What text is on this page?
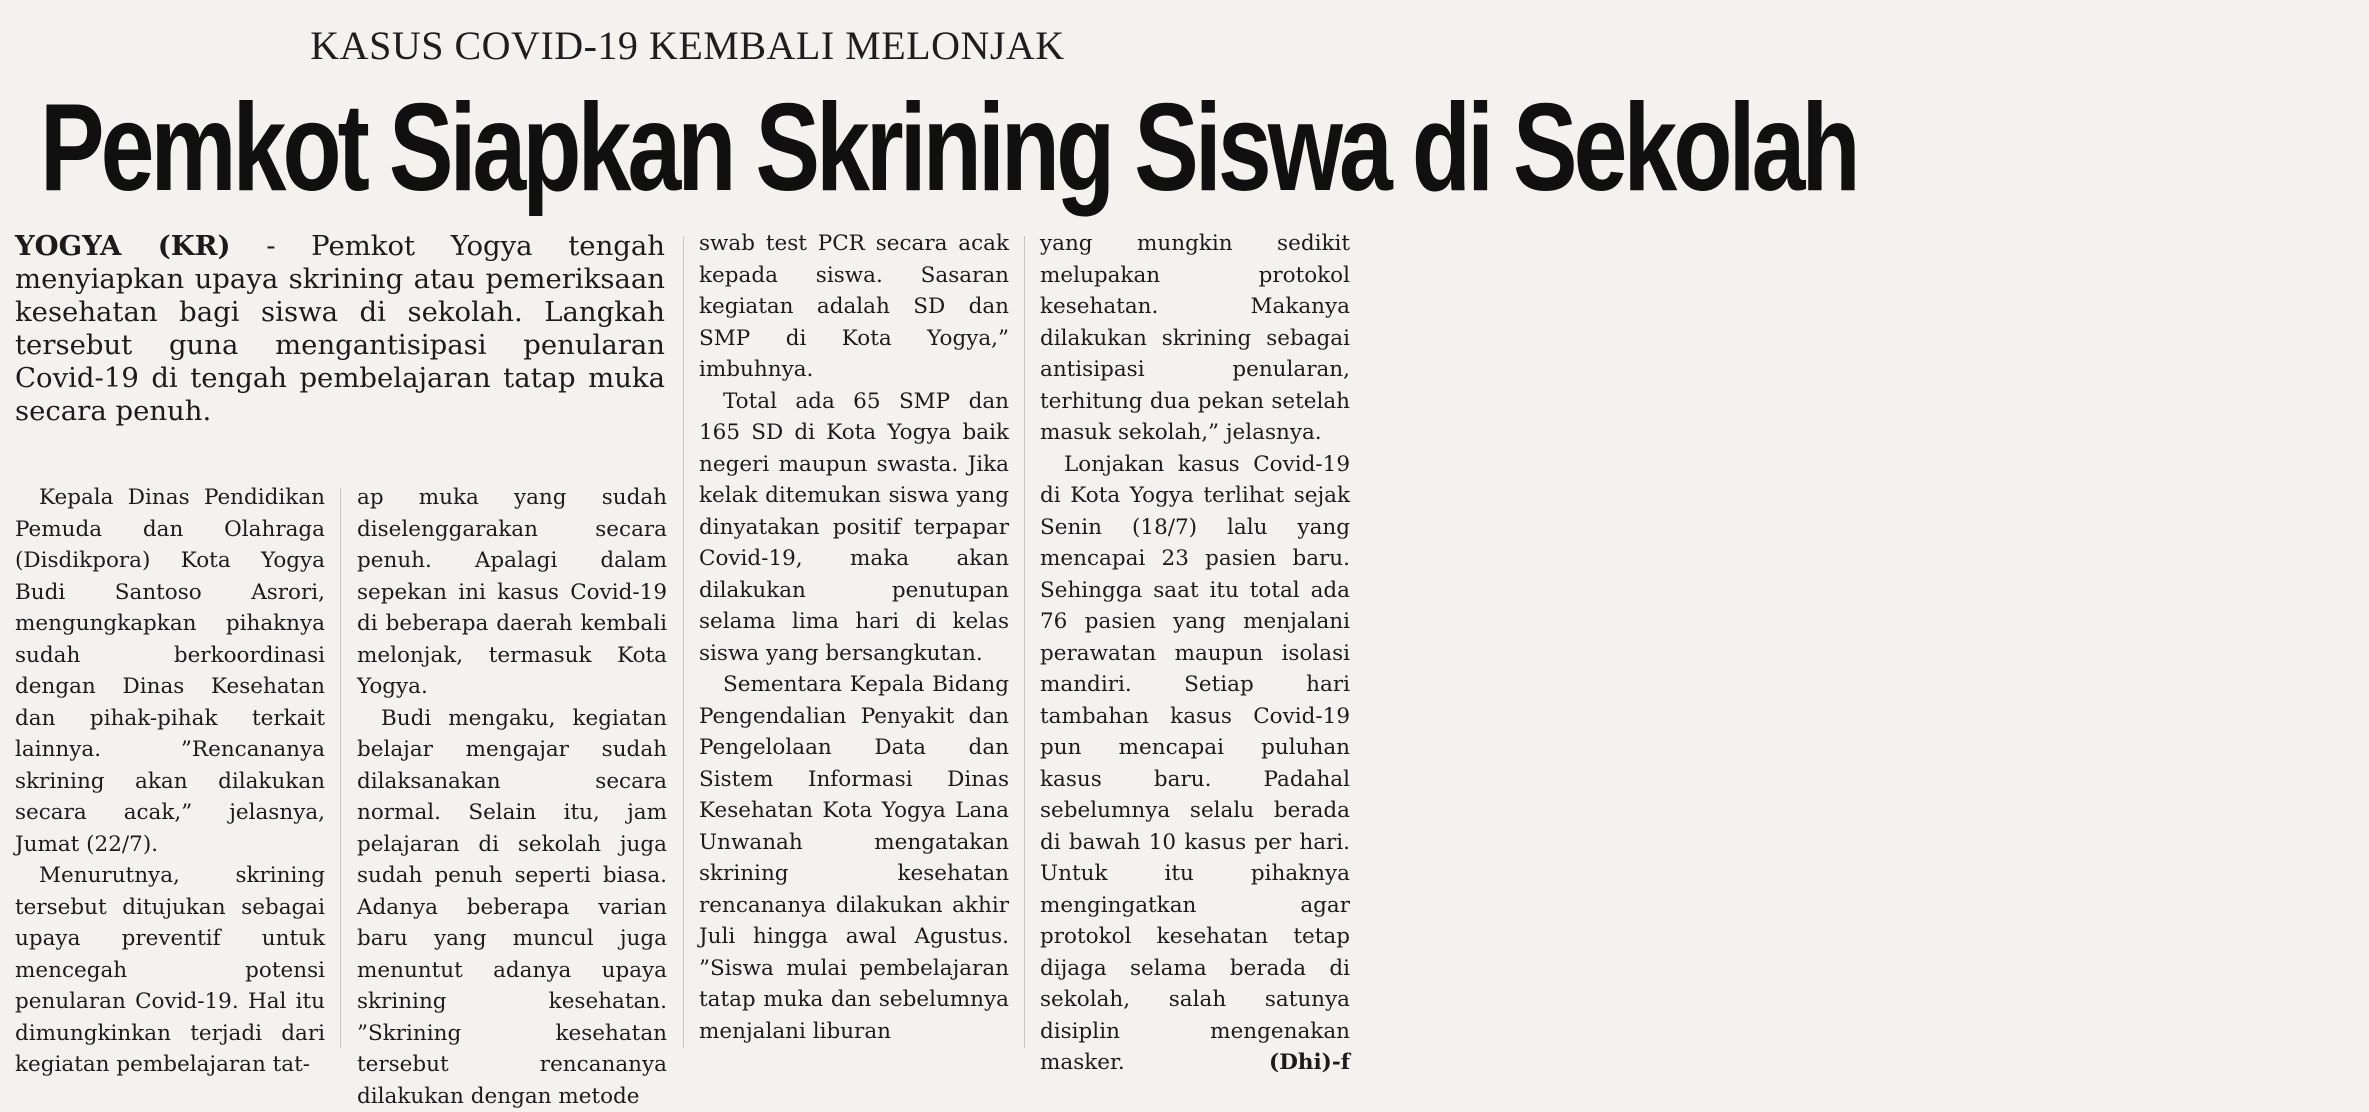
KASUS COVID-19 KEMBALI MELONJAK
Pemkot Siapkan Skrining Siswa di Sekolah
YOGYA (KR) - Pemkot Yogya tengah menyiapkan upaya skrining atau pemeriksaan kesehatan bagi siswa di sekolah. Langkah tersebut guna mengantisipasi penularan Covid-19 di tengah pembelajaran tatap muka secara penuh.

Kepala Dinas Pendidikan Pemuda dan Olahraga (Disdikpora) Kota Yogya Budi Santoso Asrori, mengungkapkan pihaknya sudah berkoordinasi dengan Dinas Kesehatan dan pihak-pihak terkait lainnya. ”Rencananya skrining akan dilakukan secara acak,” jelasnya, Jumat (22/7).

Menurutnya, skrining tersebut ditujukan sebagai upaya preventif untuk mencegah potensi penularan Covid-19. Hal itu dimungkinkan terjadi dari kegiatan pembelajaran tat-

ap muka yang sudah diselenggarakan secara penuh. Apalagi dalam sepekan ini kasus Covid-19 di beberapa daerah kembali melonjak, termasuk Kota Yogya.

Budi mengaku, kegiatan belajar mengajar sudah dilaksanakan secara normal. Selain itu, jam pelajaran di sekolah juga sudah penuh seperti biasa. Adanya beberapa varian baru yang muncul juga menuntut adanya upaya skrining kesehatan. ”Skrining kesehatan tersebut rencananya dilakukan dengan metode

swab test PCR secara acak kepada siswa. Sasaran kegiatan adalah SD dan SMP di Kota Yogya,” imbuhnya.

Total ada 65 SMP dan 165 SD di Kota Yogya baik negeri maupun swasta. Jika kelak ditemukan siswa yang dinyatakan positif terpapar Covid-19, maka akan dilakukan penutupan selama lima hari di kelas siswa yang bersangkutan.

Sementara Kepala Bidang Pengendalian Penyakit dan Pengelolaan Data dan Sistem Informasi Dinas Kesehatan Kota Yogya Lana Unwanah mengatakan skrining kesehatan rencananya dilakukan akhir Juli hingga awal Agustus. ”Siswa mulai pembelajaran tatap muka dan sebelumnya menjalani liburan

yang mungkin sedikit melupakan protokol kesehatan. Makanya dilakukan skrining sebagai antisipasi penularan, terhitung dua pekan setelah masuk sekolah,” jelasnya.

Lonjakan kasus Covid-19 di Kota Yogya terlihat sejak Senin (18/7) lalu yang mencapai 23 pasien baru. Sehingga saat itu total ada 76 pasien yang menjalani perawatan maupun isolasi mandiri. Setiap hari tambahan kasus Covid-19 pun mencapai puluhan kasus baru. Padahal sebelumnya selalu berada di bawah 10 kasus per hari. Untuk itu pihaknya mengingatkan agar protokol kesehatan tetap dijaga selama berada di sekolah, salah satunya disiplin mengenakan masker.	(Dhi)-f
